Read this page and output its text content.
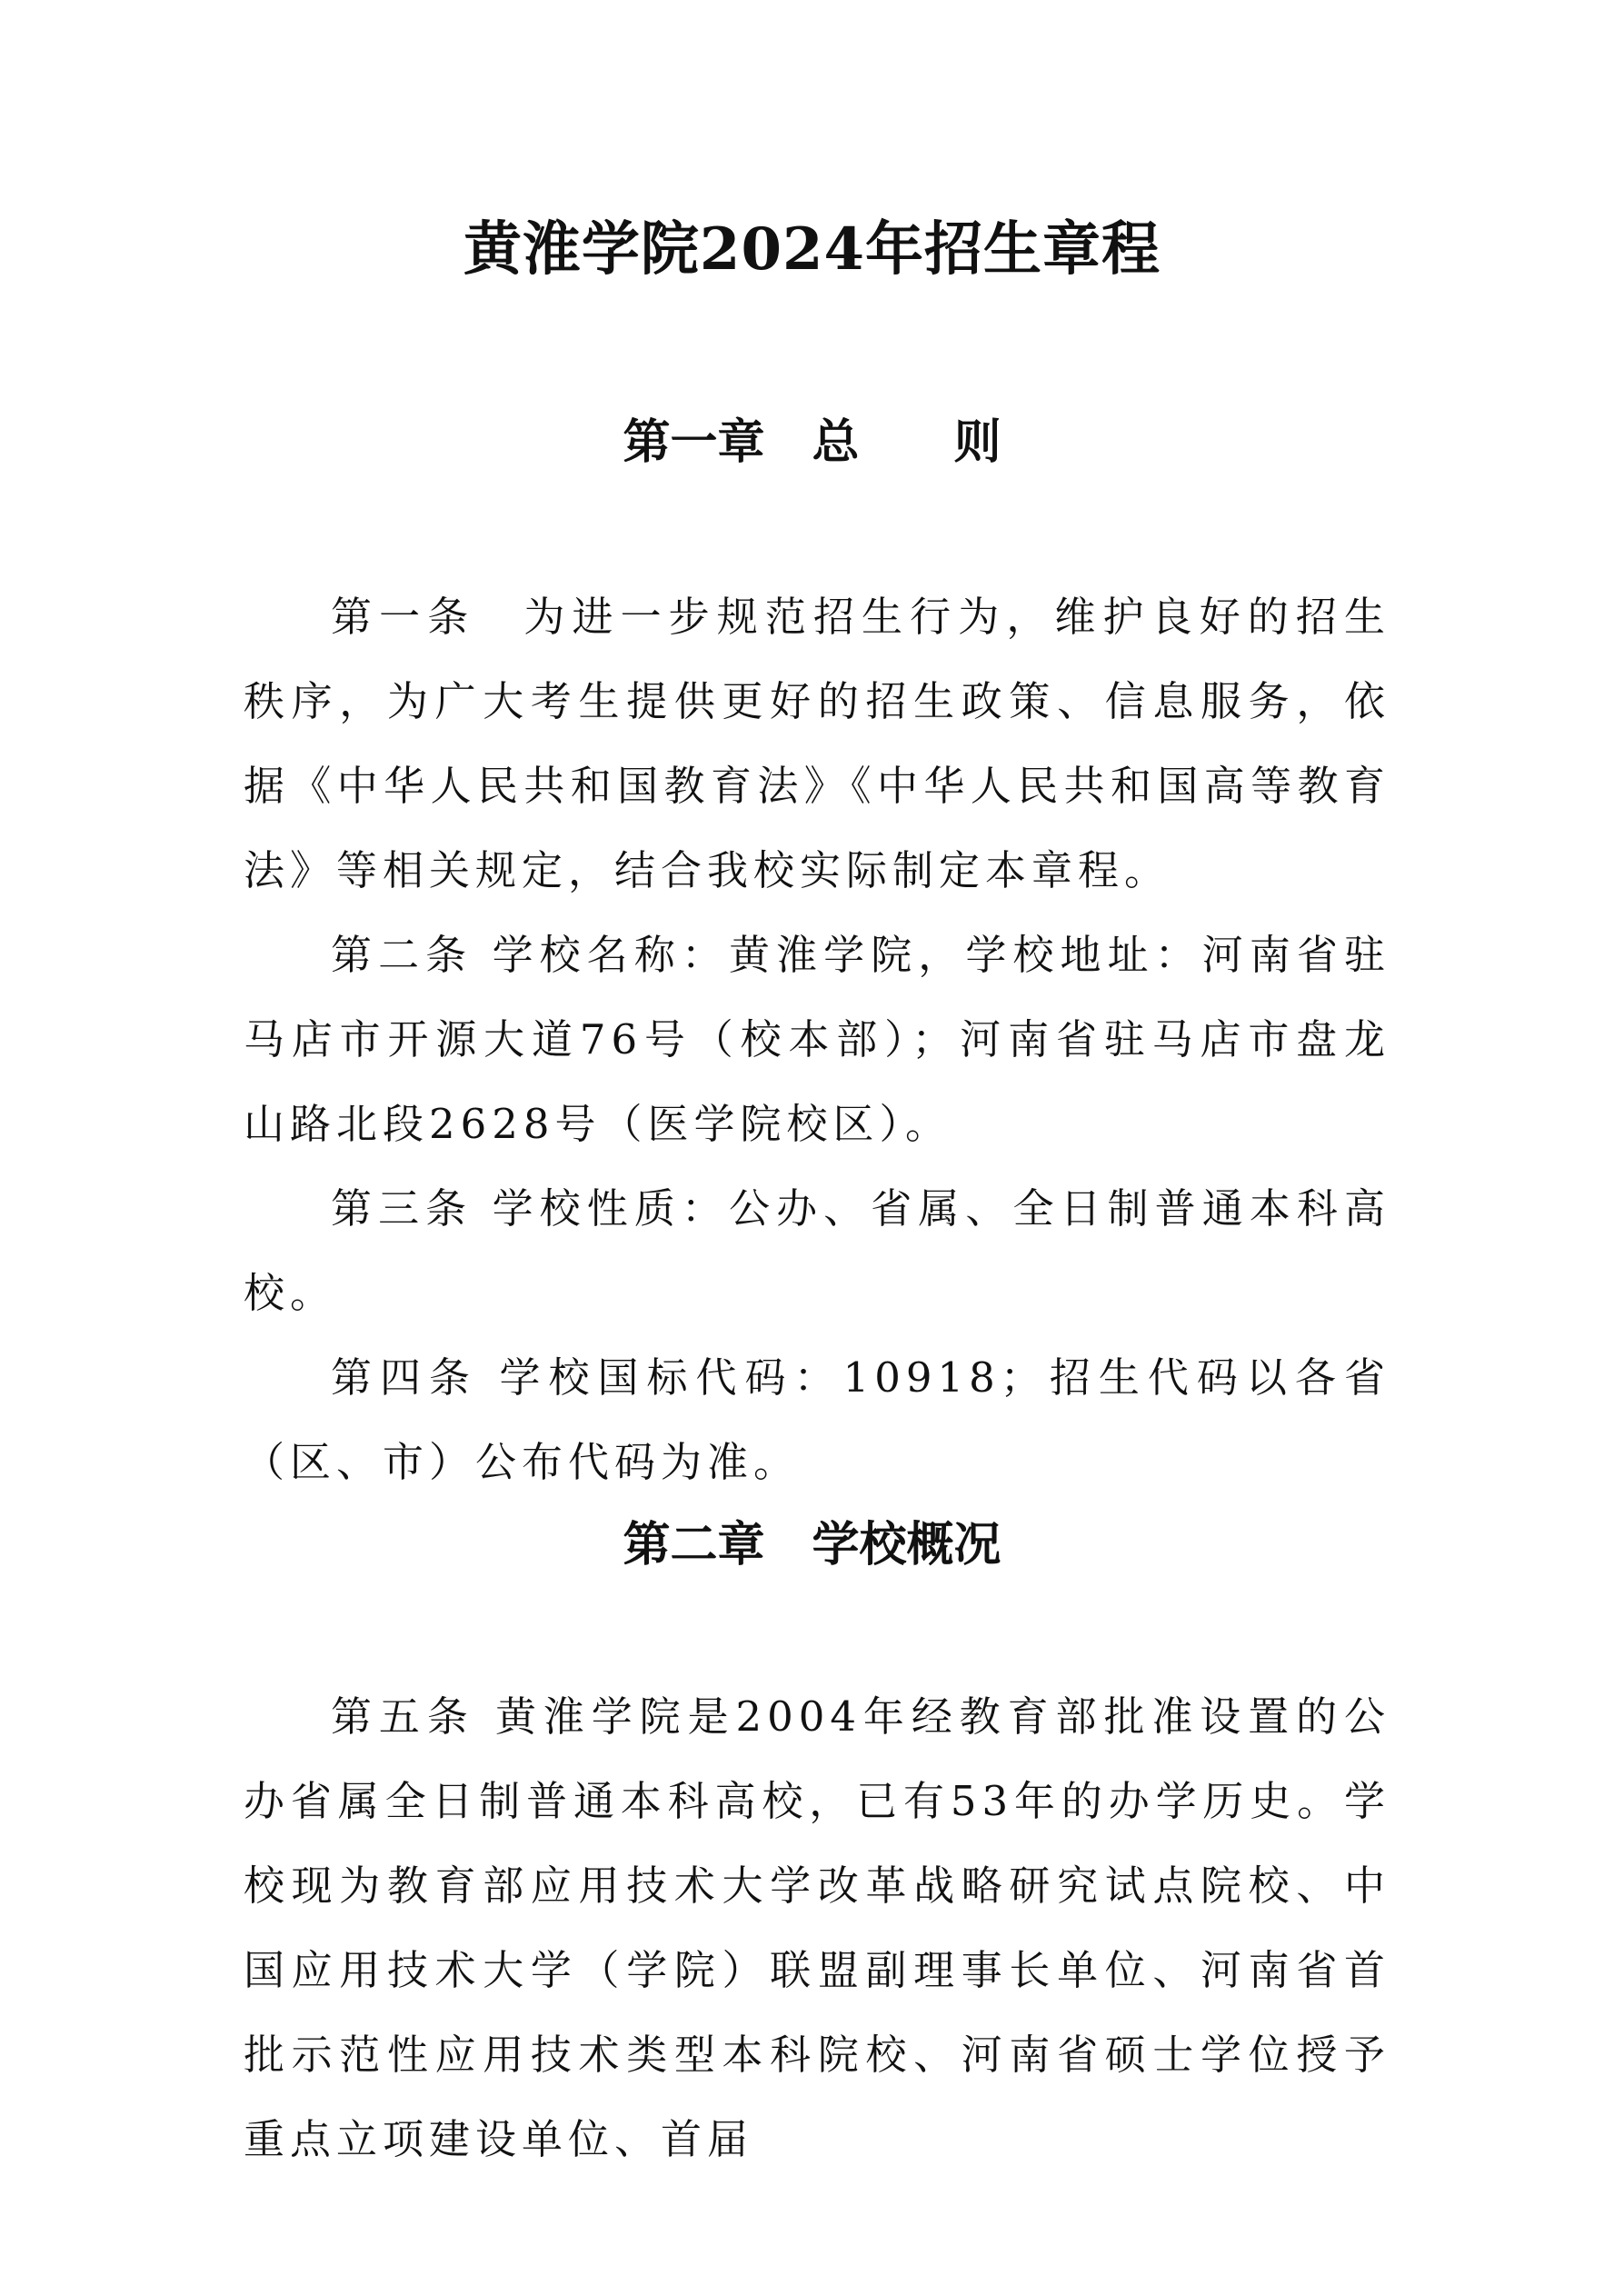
黄淮学院2024年招生章程
第一章　总　　则

第一条　为进一步规范招生行为，维护良好的招生秩序，为广大考生提供更好的招生政策、信息服务，依据《中华人民共和国教育法》《中华人民共和国高等教育法》等相关规定，结合我校实际制定本章程。

第二条 学校名称：黄淮学院，学校地址：河南省驻马店市开源大道76号（校本部）；河南省驻马店市盘龙山路北段2628号（医学院校区）。

第三条 学校性质：公办、省属、全日制普通本科高校。

第四条 学校国标代码：10918；招生代码以各省（区、市）公布代码为准。

第二章　学校概况

第五条 黄淮学院是2004年经教育部批准设置的公办省属全日制普通本科高校，已有53年的办学历史。学校现为教育部应用技术大学改革战略研究试点院校、中国应用技术大学（学院）联盟副理事长单位、河南省首批示范性应用技术类型本科院校、河南省硕士学位授予重点立项建设单位、首届
